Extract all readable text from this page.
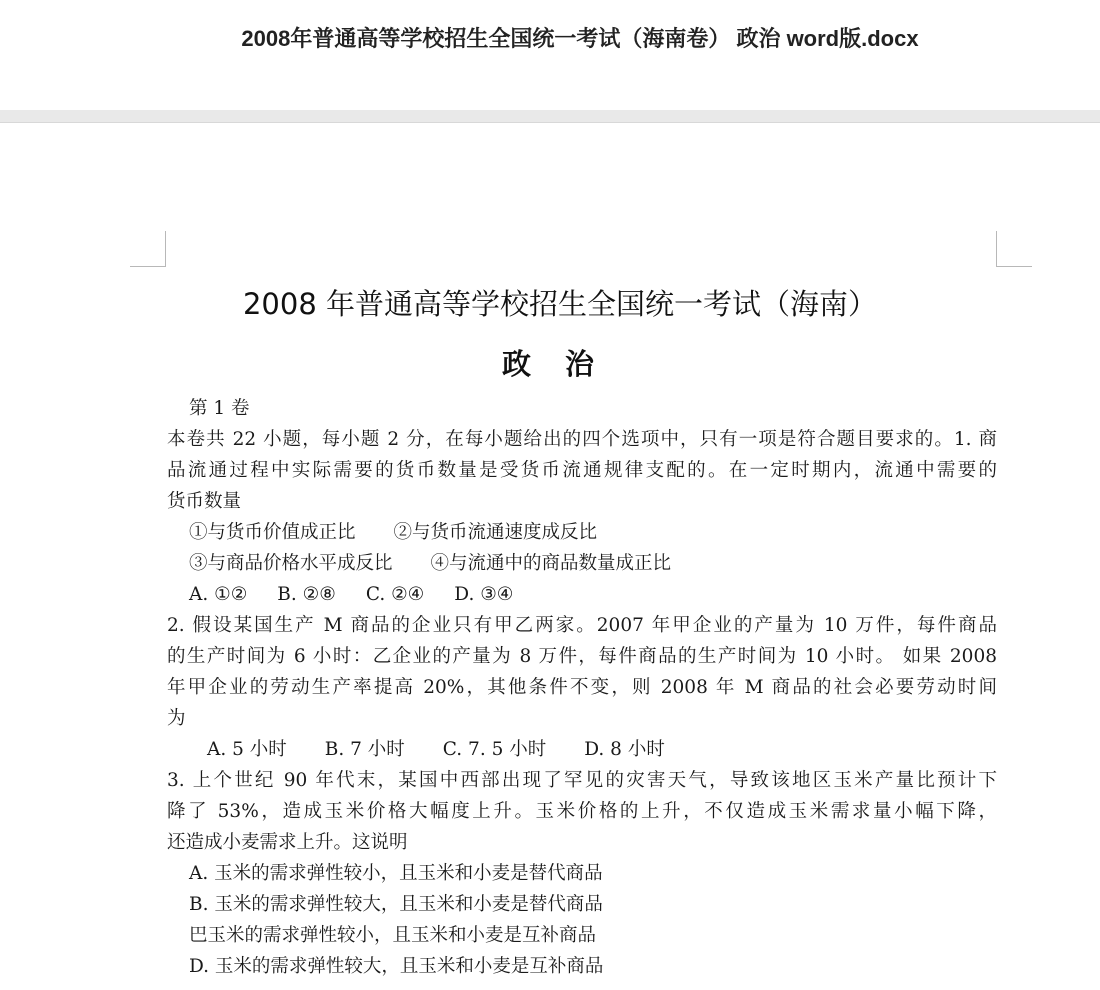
2008年普通高等学校招生全国统一考试（海南卷） 政治 word版.docx
2008 年普通高等学校招生全国统一考试（海南）
政治
第 1 卷
本卷共 22 小题，每小题 2 分，在每小题给出的四个选项中，只有一项是符合题目要求的。1. 商
品流通过程中实际需要的货币数量是受货币流通规律支配的。在一定时期内，流通中需要的
货币数量
①与货币价值成正比 ②与货币流通速度成反比
③与商品价格水平成反比 ④与流通中的商品数量成正比
A. ①② B. ②⑧ C. ②④ D. ③④
2. 假设某国生产 M 商品的企业只有甲乙两家。2007 年甲企业的产量为 10 万件，每件商品
的生产时间为 6 小时：乙企业的产量为 8 万件，每件商品的生产时间为 10 小时。 如果 2008
年甲企业的劳动生产率提高 20%，其他条件不变，则 2008 年 M 商品的社会必要劳动时间
为
A. 5 小时 B. 7 小时 C. 7. 5 小时 D. 8 小时
3. 上个世纪 90 年代末，某国中西部出现了罕见的灾害天气，导致该地区玉米产量比预计下
降了 53%，造成玉米价格大幅度上升。玉米价格的上升，不仅造成玉米需求量小幅下降，
还造成小麦需求上升。这说明
A. 玉米的需求弹性较小，且玉米和小麦是替代商品
B. 玉米的需求弹性较大，且玉米和小麦是替代商品
巴玉米的需求弹性较小，且玉米和小麦是互补商品
D. 玉米的需求弹性较大，且玉米和小麦是互补商品
